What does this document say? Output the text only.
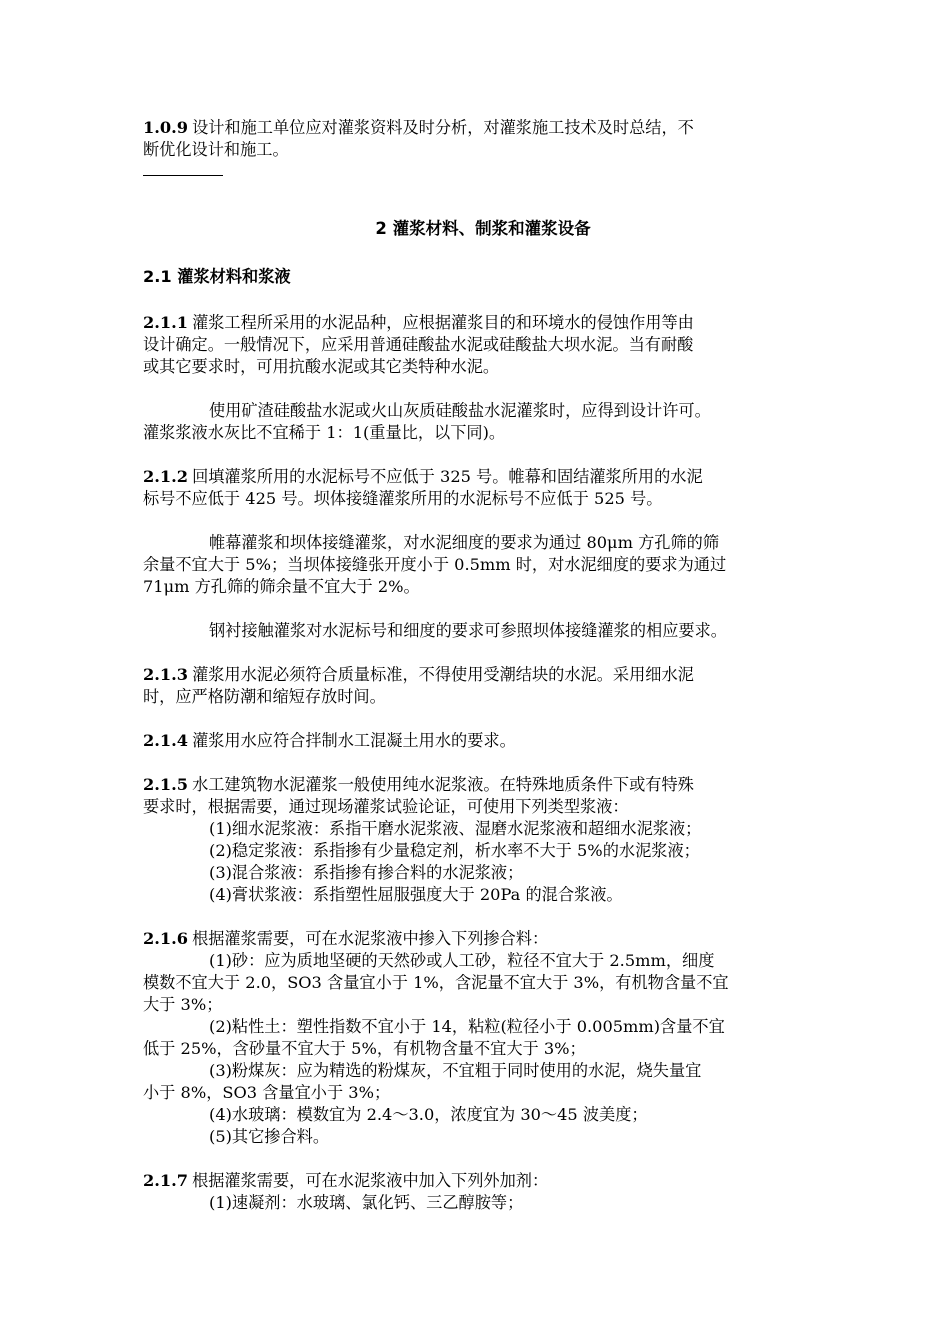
1.0.9 设计和施工单位应对灌浆资料及时分析，对灌浆施工技术及时总结，不

断优化设计和施工。

2 灌浆材料、制浆和灌浆设备

2.1 灌浆材料和浆液

2.1.1 灌浆工程所采用的水泥品种，应根据灌浆目的和环境水的侵蚀作用等由

设计确定。一般情况下，应采用普通硅酸盐水泥或硅酸盐大坝水泥。当有耐酸

或其它要求时，可用抗酸水泥或其它类特种水泥。

使用矿渣硅酸盐水泥或火山灰质硅酸盐水泥灌浆时，应得到设计许可。

灌浆浆液水灰比不宜稀于 1：1(重量比，以下同)。

2.1.2 回填灌浆所用的水泥标号不应低于 325 号。帷幕和固结灌浆所用的水泥

标号不应低于 425 号。坝体接缝灌浆所用的水泥标号不应低于 525 号。

帷幕灌浆和坝体接缝灌浆，对水泥细度的要求为通过 80μm 方孔筛的筛

余量不宜大于 5%；当坝体接缝张开度小于 0.5mm 时，对水泥细度的要求为通过

71μm 方孔筛的筛余量不宜大于 2%。

钢衬接触灌浆对水泥标号和细度的要求可参照坝体接缝灌浆的相应要求。

2.1.3 灌浆用水泥必须符合质量标准，不得使用受潮结块的水泥。采用细水泥

时，应严格防潮和缩短存放时间。

2.1.4 灌浆用水应符合拌制水工混凝土用水的要求。

2.1.5 水工建筑物水泥灌浆一般使用纯水泥浆液。在特殊地质条件下或有特殊

要求时，根据需要，通过现场灌浆试验论证，可使用下列类型浆液：

(1)细水泥浆液：系指干磨水泥浆液、湿磨水泥浆液和超细水泥浆液；

(2)稳定浆液：系指掺有少量稳定剂，析水率不大于 5%的水泥浆液；

(3)混合浆液：系指掺有掺合料的水泥浆液；

(4)膏状浆液：系指塑性屈服强度大于 20Pa 的混合浆液。

2.1.6 根据灌浆需要，可在水泥浆液中掺入下列掺合料：

(1)砂：应为质地坚硬的天然砂或人工砂，粒径不宜大于 2.5mm，细度

模数不宜大于 2.0，SO3 含量宜小于 1%，含泥量不宜大于 3%，有机物含量不宜

大于 3%；

(2)粘性土：塑性指数不宜小于 14，粘粒(粒径小于 0.005mm)含量不宜

低于 25%，含砂量不宜大于 5%，有机物含量不宜大于 3%；

(3)粉煤灰：应为精选的粉煤灰，不宜粗于同时使用的水泥，烧失量宜

小于 8%，SO3 含量宜小于 3%；

(4)水玻璃：模数宜为 2.4～3.0，浓度宜为 30～45 波美度；

(5)其它掺合料。

2.1.7 根据灌浆需要，可在水泥浆液中加入下列外加剂：

(1)速凝剂：水玻璃、氯化钙、三乙醇胺等；
